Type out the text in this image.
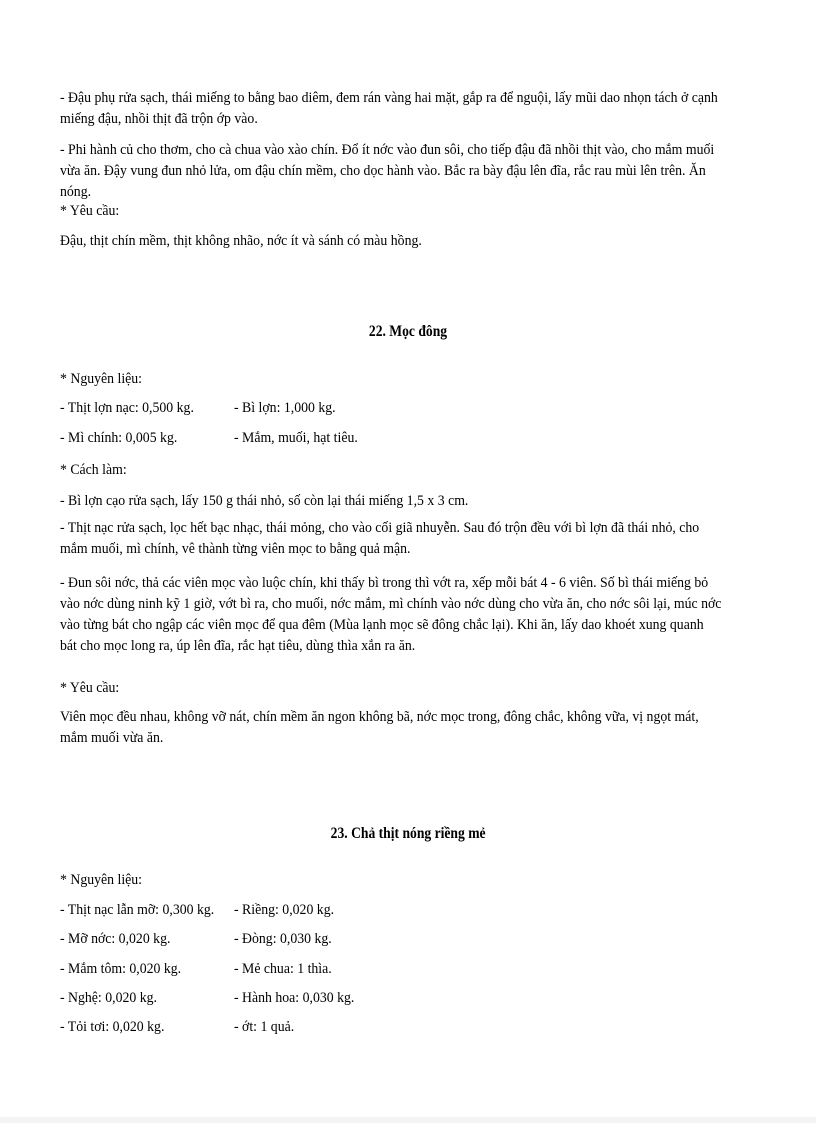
- Đậu phụ rửa sạch, thái miếng to bằng bao diêm, đem rán vàng hai mặt, gắp ra để nguội, lấy mũi dao nhọn tách ở cạnh miếng đậu, nhồi thịt đã trộn ớp vào.
- Phi hành củ cho thơm, cho cà chua vào xào chín. Đổ ít nớc vào đun sôi, cho tiếp đậu đã nhồi thịt vào, cho mắm muối vừa ăn. Đậy vung đun nhỏ lửa, om đậu chín mềm, cho dọc hành vào. Bắc ra bày đậu lên đĩa, rắc rau mùi lên trên. Ăn nóng.
* Yêu cầu:
Đậu, thịt chín mềm, thịt không nhão, nớc ít và sánh có màu hồng.
22. Mọc đông
* Nguyên liệu:
- Thịt lợn nạc: 0,500 kg.	- Bì lợn: 1,000 kg.
- Mì chính: 0,005 kg.	- Mắm, muối, hạt tiêu.
* Cách làm:
- Bì lợn cạo rửa sạch, lấy 150 g thái nhỏ, số còn lại thái miếng 1,5 x 3 cm.
- Thịt nạc rửa sạch, lọc hết bạc nhạc, thái mỏng, cho vào cối giã nhuyễn. Sau đó trộn đều với bì lợn đã thái nhỏ, cho mắm muối, mì chính, vê thành từng viên mọc to bằng quả mận.
- Đun sôi nớc, thả các viên mọc vào luộc chín, khi thấy bì trong thì vớt ra, xếp mỗi bát 4 - 6 viên. Số bì thái miếng bỏ vào nớc dùng ninh kỹ 1 giờ, vớt bì ra, cho muối, nớc mắm, mì chính vào nớc dùng cho vừa ăn, cho nớc sôi lại, múc nớc vào từng bát cho ngập các viên mọc để qua đêm (Mùa lạnh mọc sẽ đông chắc lại). Khi ăn, lấy dao khoét xung quanh bát cho mọc long ra, úp lên đĩa, rắc hạt tiêu, dùng thìa xắn ra ăn.
* Yêu cầu:
Viên mọc đều nhau, không vỡ nát, chín mềm ăn ngon không bã, nớc mọc trong, đông chắc, không vữa, vị ngọt mát, mắm muối vừa ăn.
23. Chả thịt nóng riềng mẻ
* Nguyên liệu:
- Thịt nạc lẫn mỡ: 0,300 kg. - Riềng: 0,020 kg.
- Mỡ nớc: 0,020 kg.	- Đòng: 0,030 kg.
- Mắm tôm: 0,020 kg.	- Mẻ chua: 1 thìa.
- Nghệ: 0,020 kg.	- Hành hoa: 0,030 kg.
- Tỏi tơi: 0,020 kg.	- ớt: 1 quả.
